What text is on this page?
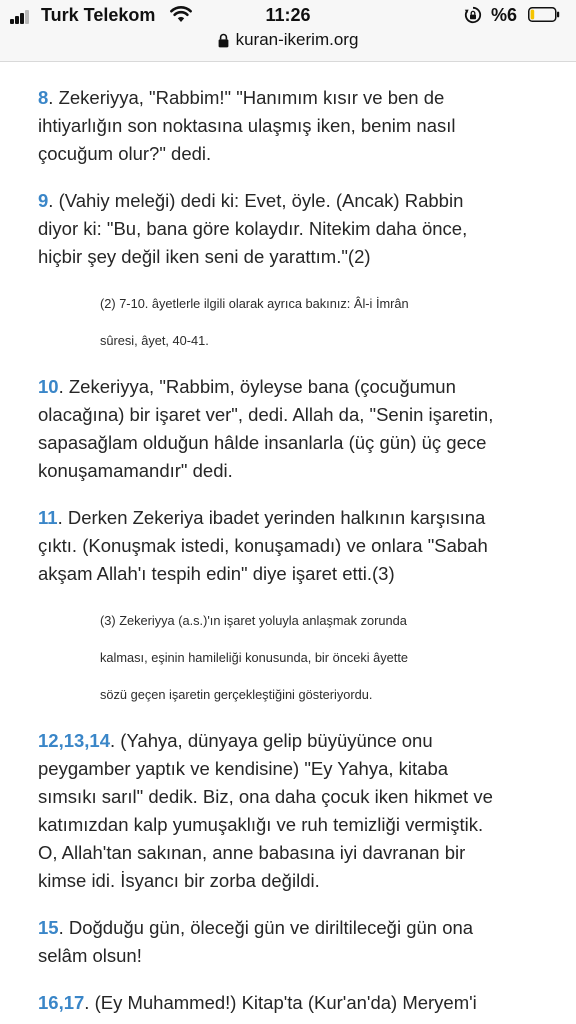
Turk Telekom	11:26	%6
kuran-ikerim.org

8. Zekeriyya, "Rabbim!" "Hanımım kısır ve ben de
ihtiyarlığın son noktasına ulaşmış iken, benim nasıl
çocuğum olur?" dedi.

9. (Vahiy meleği) dedi ki: Evet, öyle. (Ancak) Rabbin
diyor ki: "Bu, bana göre kolaydır. Nitekim daha önce,
hiçbir şey değil iken seni de yarattım."(2)

(2) 7-10. âyetlerle ilgili olarak ayrıca bakınız: Âl-i İmrân
sûresi, âyet, 40-41.

10. Zekeriyya, "Rabbim, öyleyse bana (çocuğumun
olacağına) bir işaret ver", dedi. Allah da, "Senin işaretin,
sapasağlam olduğun hâlde insanlarla (üç gün) üç gece
konuşamamandır" dedi.

11. Derken Zekeriya ibadet yerinden halkının karşısına
çıktı. (Konuşmak istedi, konuşamadı) ve onlara "Sabah
akşam Allah'ı tespih edin" diye işaret etti.(3)

(3) Zekeriyya (a.s.)'ın işaret yoluyla anlaşmak zorunda
kalması, eşinin hamileliği konusunda, bir önceki âyette
sözü geçen işaretin gerçekleştiğini gösteriyordu.

12,13,14. (Yahya, dünyaya gelip büyüyünce onu
peygamber yaptık ve kendisine) "Ey Yahya, kitaba
sımsıkı sarıl" dedik. Biz, ona daha çocuk iken hikmet ve
katımızdan kalp yumuşaklığı ve ruh temizliği vermiştik.
O, Allah'tan sakınan, anne babasına iyi davranan bir
kimse idi. İsyancı bir zorba değildi.

15. Doğduğu gün, öleceği gün ve diriltileceği gün ona
selâm olsun!

16,17. (Ey Muhammed!) Kitap'ta (Kur'an'da) Meryem'i
